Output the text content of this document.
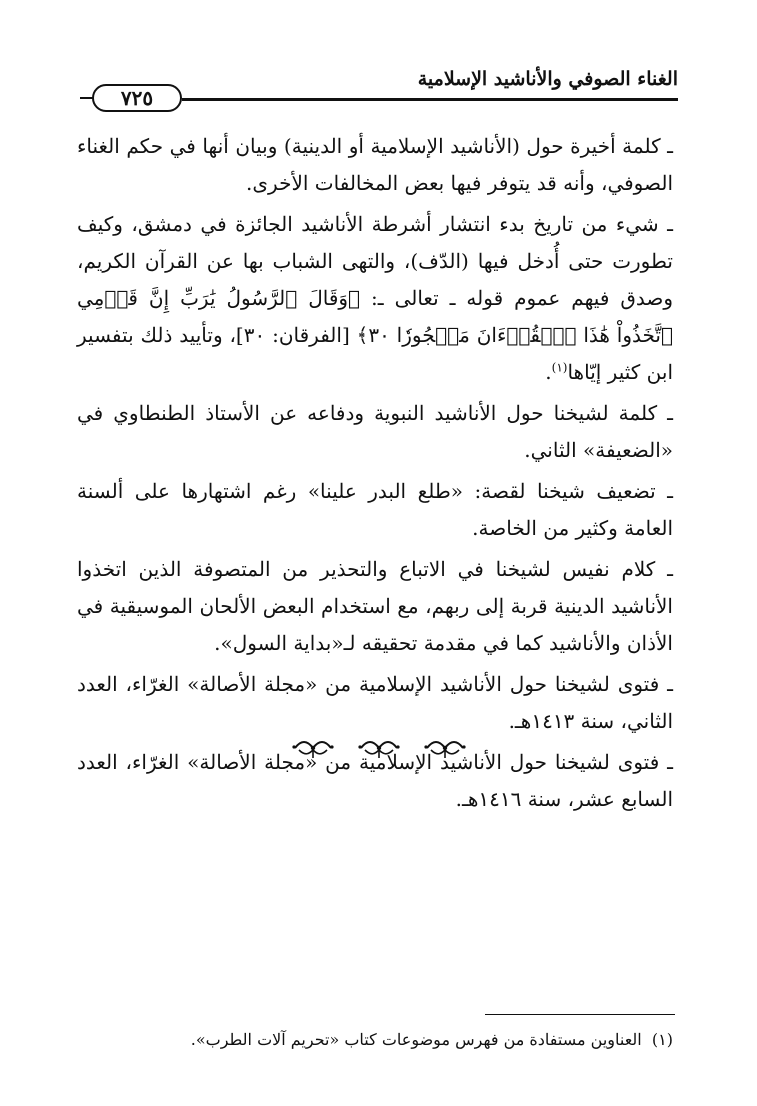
الغناء الصوفي والأناشيد الإسلامية
٧٢٥

ـ كلمة أخيرة حول (الأناشيد الإسلامية أو الدينية) وبيان أنها في حكم الغناء الصوفي، وأنه قد يتوفر فيها بعض المخالفات الأخرى.

ـ شيء من تاريخ بدء انتشار أشرطة الأناشيد الجائزة في دمشق، وكيف تطورت حتى أُدخل فيها (الدّف)، والتهى الشباب بها عن القرآن الكريم، وصدق فيهم عموم قوله ـ تعالى ـ: ﴿وَقَالَ ٱلرَّسُولُ يَٰرَبِّ إِنَّ قَوۡمِي ٱتَّخَذُواْ هَٰذَا ٱلۡقُرۡءَانَ مَهۡجُورٗا ٣٠﴾ [الفرقان: ٣٠]، وتأييد ذلك بتفسير ابن كثير إيّاها$^{(١)}$.

ـ كلمة لشيخنا حول الأناشيد النبوية ودفاعه عن الأستاذ الطنطاوي في «الضعيفة» الثاني.

ـ تضعيف شيخنا لقصة: «طلع البدر علينا» رغم اشتهارها على ألسنة العامة وكثير من الخاصة.

ـ كلام نفيس لشيخنا في الاتباع والتحذير من المتصوفة الذين اتخذوا الأناشيد الدينية قربة إلى ربهم، مع استخدام البعض الألحان الموسيقية في الأذان والأناشيد كما في مقدمة تحقيقه لـ«بداية السول».

ـ فتوى لشيخنا حول الأناشيد الإسلامية من «مجلة الأصالة» الغرّاء، العدد الثاني، سنة ١٤١٣هـ.

ـ فتوى لشيخنا حول الأناشيد الإسلامية من «مجلة الأصالة» الغرّاء، العدد السابع عشر، سنة ١٤١٦هـ.

(١)  العناوين مستفادة من فهرس موضوعات كتاب «تحريم آلات الطرب».
